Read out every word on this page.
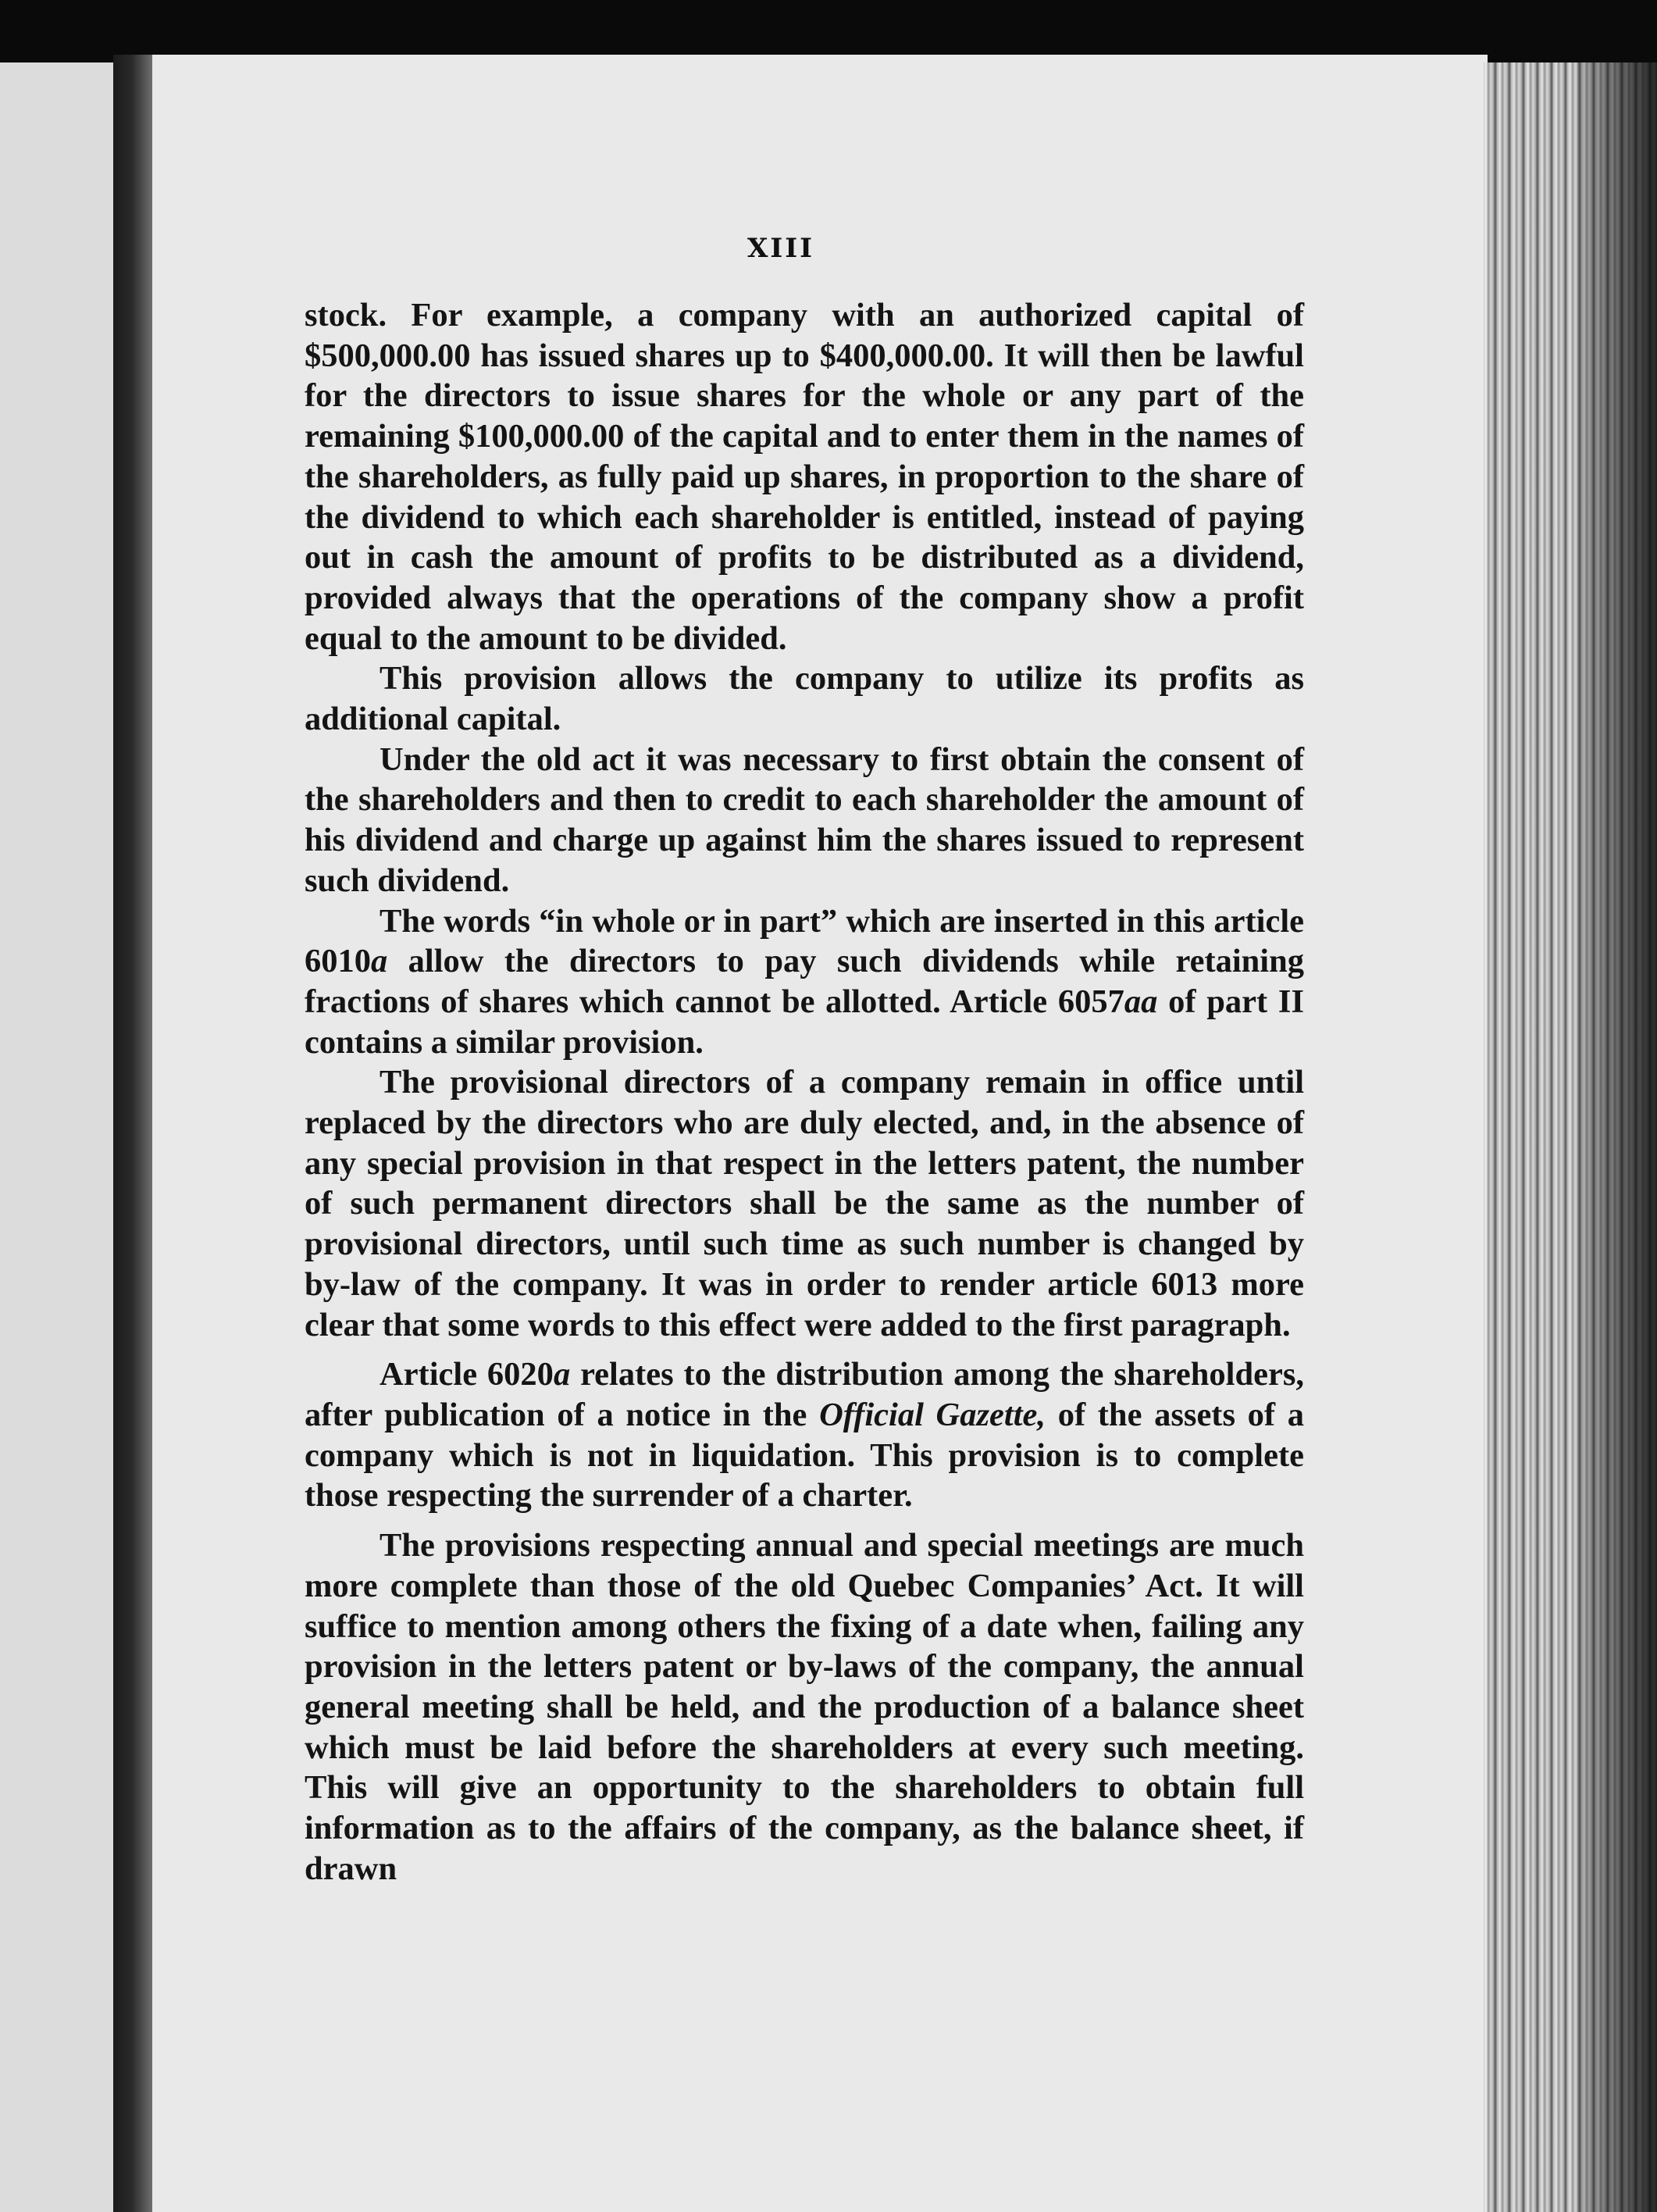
XIII

stock. For example, a company with an authorized capital of $500,000.00 has issued shares up to $400,000.00. It will then be lawful for the directors to issue shares for the whole or any part of the remaining $100,000.00 of the capital and to enter them in the names of the shareholders, as fully paid up shares, in proportion to the share of the dividend to which each shareholder is entitled, instead of paying out in cash the amount of profits to be distributed as a dividend, provided always that the operations of the company show a profit equal to the amount to be divided.

This provision allows the company to utilize its profits as additional capital.

Under the old act it was necessary to first obtain the consent of the shareholders and then to credit to each shareholder the amount of his dividend and charge up against him the shares issued to represent such dividend.

The words “in whole or in part” which are inserted in this article 6010a allow the directors to pay such dividends while retaining fractions of shares which cannot be allotted. Article 6057aa of part II contains a similar provision.

The provisional directors of a company remain in office until replaced by the directors who are duly elected, and, in the absence of any special provision in that respect in the letters patent, the number of such permanent directors shall be the same as the number of provisional directors, until such time as such number is changed by by-law of the company. It was in order to render article 6013 more clear that some words to this effect were added to the first paragraph.

Article 6020a relates to the distribution among the shareholders, after publication of a notice in the Official Gazette, of the assets of a company which is not in liquidation. This provision is to complete those respecting the surrender of a charter.

The provisions respecting annual and special meetings are much more complete than those of the old Quebec Companies’ Act. It will suffice to mention among others the fixing of a date when, failing any provision in the letters patent or by-laws of the company, the annual general meeting shall be held, and the production of a balance sheet which must be laid before the shareholders at every such meeting. This will give an opportunity to the shareholders to obtain full information as to the affairs of the company, as the balance sheet, if drawn
